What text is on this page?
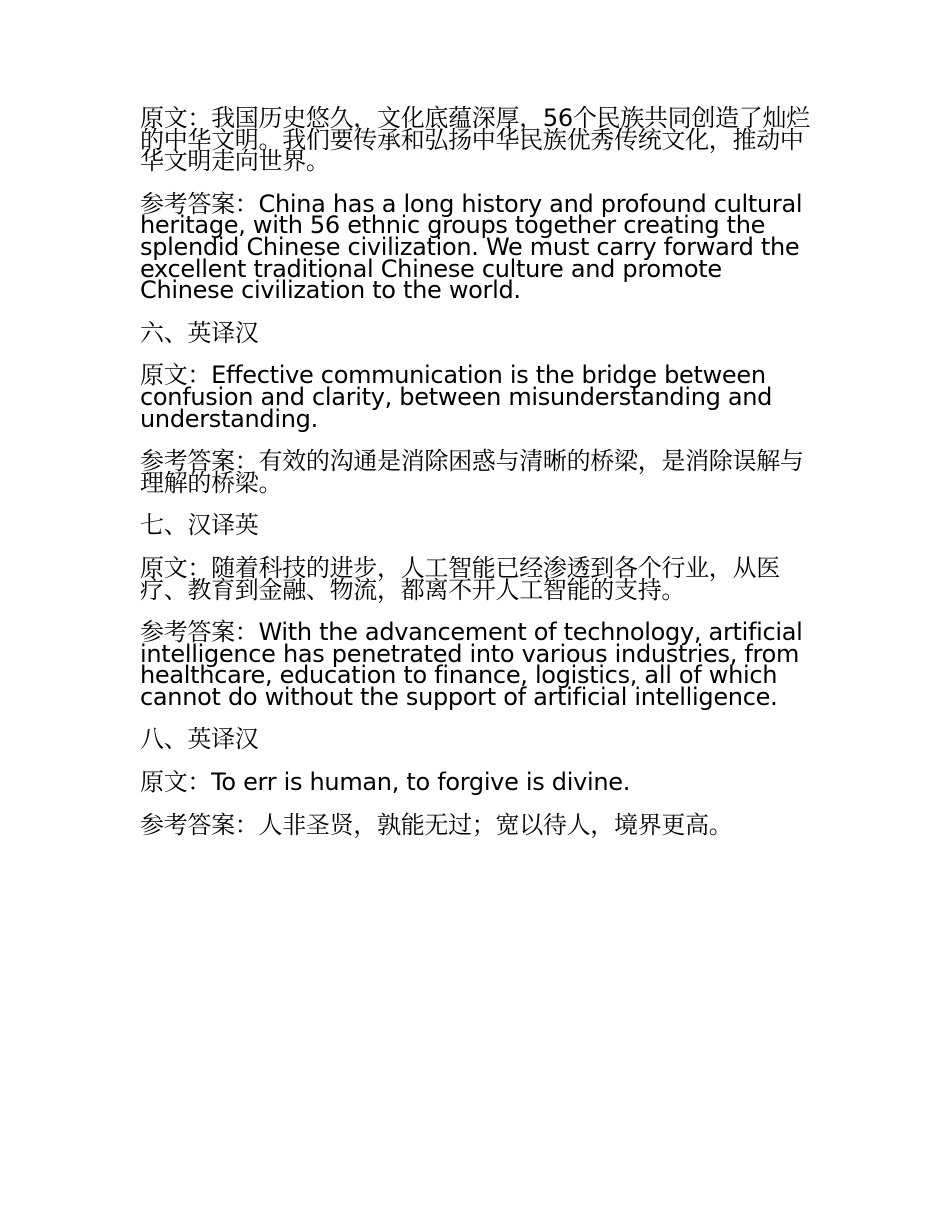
原文：我国历史悠久，文化底蕴深厚，56个民族共同创造了灿烂的中华文明。我们要传承和弘扬中华民族优秀传统文化，推动中华文明走向世界。

参考答案：China has a long history and profound cultural heritage, with 56 ethnic groups together creating the splendid Chinese civilization. We must carry forward the excellent traditional Chinese culture and promote Chinese civilization to the world.

六、英译汉

原文：Effective communication is the bridge between confusion and clarity, between misunderstanding and understanding.

参考答案：有效的沟通是消除困惑与清晰的桥梁，是消除误解与理解的桥梁。

七、汉译英

原文：随着科技的进步，人工智能已经渗透到各个行业，从医疗、教育到金融、物流，都离不开人工智能的支持。

参考答案：With the advancement of technology, artificial intelligence has penetrated into various industries, from healthcare, education to finance, logistics, all of which cannot do without the support of artificial intelligence.

八、英译汉

原文：To err is human, to forgive is divine.

参考答案：人非圣贤，孰能无过；宽以待人，境界更高。
